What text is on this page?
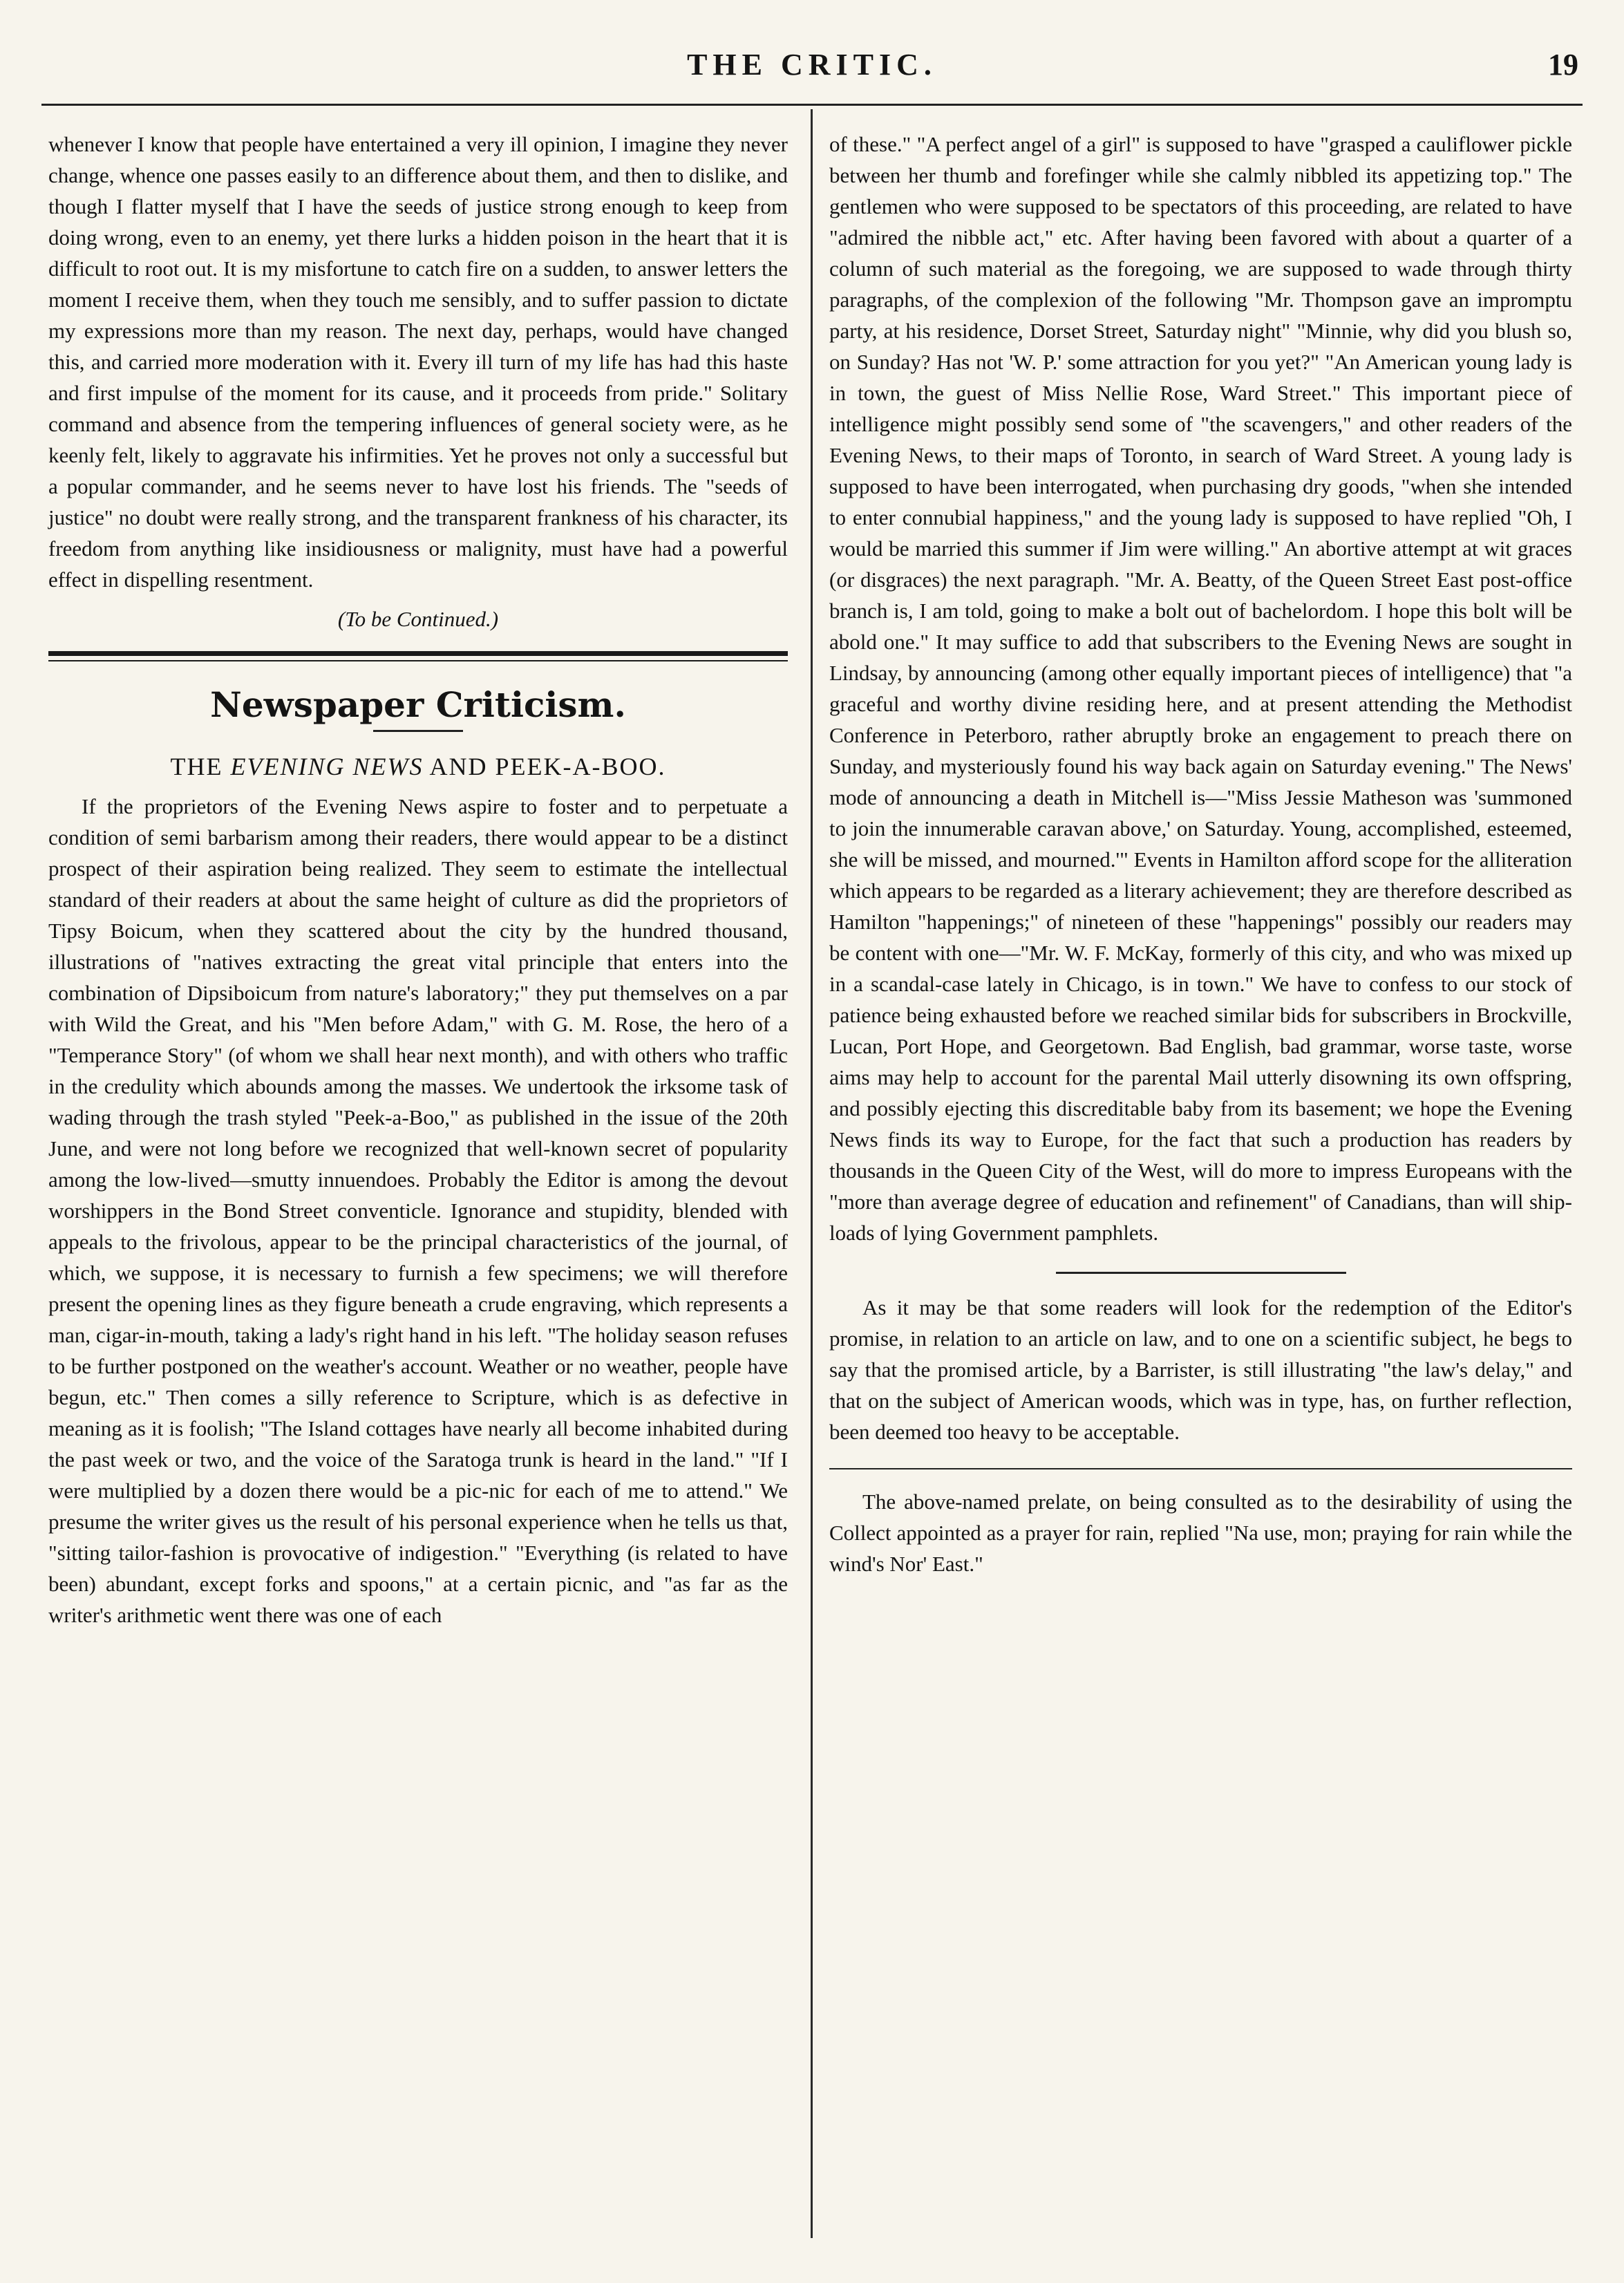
THE CRITIC.	19

whenever I know that people have entertained a very ill opinion, I imagine they never change, whence one passes easily to an difference about them, and then to dislike, and though I flatter myself that I have the seeds of justice strong enough to keep from doing wrong, even to an enemy, yet there lurks a hidden poison in the heart that it is difficult to root out. It is my misfortune to catch fire on a sudden, to answer letters the moment I receive them, when they touch me sensibly, and to suffer passion to dictate my expressions more than my reason. The next day, perhaps, would have changed this, and carried more moderation with it. Every ill turn of my life has had this haste and first impulse of the moment for its cause, and it proceeds from pride." Solitary command and absence from the tempering influences of general society were, as he keenly felt, likely to aggravate his infirmities. Yet he proves not only a successful but a popular commander, and he seems never to have lost his friends. The "seeds of justice" no doubt were really strong, and the transparent frankness of his character, its freedom from anything like insidiousness or malignity, must have had a powerful effect in dispelling resentment.

(To be Continued.)

Newspaper Criticism.
THE EVENING NEWS AND PEEK-A-BOO.

If the proprietors of the Evening News aspire to foster and to perpetuate a condition of semi barbarism among their readers, there would appear to be a distinct prospect of their aspiration being realized. They seem to estimate the intellectual standard of their readers at about the same height of culture as did the proprietors of Tipsy Boicum, when they scattered about the city by the hundred thousand, illustrations of "natives extracting the great vital principle that enters into the combination of Dipsiboicum from nature's laboratory;" they put themselves on a par with Wild the Great, and his "Men before Adam," with G. M. Rose, the hero of a "Temperance Story" (of whom we shall hear next month), and with others who traffic in the credulity which abounds among the masses. We undertook the irksome task of wading through the trash styled "Peek-a-Boo," as published in the issue of the 20th June, and were not long before we recognized that well-known secret of popularity among the low-lived—smutty innuendoes. Probably the Editor is among the devout worshippers in the Bond Street conventicle. Ignorance and stupidity, blended with appeals to the frivolous, appear to be the principal characteristics of the journal, of which, we suppose, it is necessary to furnish a few specimens; we will therefore present the opening lines as they figure beneath a crude engraving, which represents a man, cigar-in-mouth, taking a lady's right hand in his left. "The holiday season refuses to be further postponed on the weather's account. Weather or no weather, people have begun, etc." Then comes a silly reference to Scripture, which is as defective in meaning as it is foolish; "The Island cottages have nearly all become inhabited during the past week or two, and the voice of the Saratoga trunk is heard in the land." "If I were multiplied by a dozen there would be a pic-nic for each of me to attend." We presume the writer gives us the result of his personal experience when he tells us that, "sitting tailor-fashion is provocative of indigestion." "Everything (is related to have been) abundant, except forks and spoons," at a certain picnic, and "as far as the writer's arithmetic went there was one of each

of these." "A perfect angel of a girl" is supposed to have "grasped a cauliflower pickle between her thumb and forefinger while she calmly nibbled its appetizing top." The gentlemen who were supposed to be spectators of this proceeding, are related to have "admired the nibble act," etc. After having been favored with about a quarter of a column of such material as the foregoing, we are supposed to wade through thirty paragraphs, of the complexion of the following "Mr. Thompson gave an impromptu party, at his residence, Dorset Street, Saturday night" "Minnie, why did you blush so, on Sunday? Has not 'W. P.' some attraction for you yet?" "An American young lady is in town, the guest of Miss Nellie Rose, Ward Street." This important piece of intelligence might possibly send some of "the scavengers," and other readers of the Evening News, to their maps of Toronto, in search of Ward Street. A young lady is supposed to have been interrogated, when purchasing dry goods, "when she intended to enter connubial happiness," and the young lady is supposed to have replied "Oh, I would be married this summer if Jim were willing." An abortive attempt at wit graces (or disgraces) the next paragraph. "Mr. A. Beatty, of the Queen Street East post-office branch is, I am told, going to make a bolt out of bachelordom. I hope this bolt will be abold one." It may suffice to add that subscribers to the Evening News are sought in Lindsay, by announcing (among other equally important pieces of intelligence) that "a graceful and worthy divine residing here, and at present attending the Methodist Conference in Peterboro, rather abruptly broke an engagement to preach there on Sunday, and mysteriously found his way back again on Saturday evening." The News' mode of announcing a death in Mitchell is—"Miss Jessie Matheson was 'summoned to join the innumerable caravan above,' on Saturday. Young, accomplished, esteemed, she will be missed, and mourned.'" Events in Hamilton afford scope for the alliteration which appears to be regarded as a literary achievement; they are therefore described as Hamilton "happenings;" of nineteen of these "happenings" possibly our readers may be content with one—"Mr. W. F. McKay, formerly of this city, and who was mixed up in a scandal-case lately in Chicago, is in town." We have to confess to our stock of patience being exhausted before we reached similar bids for subscribers in Brockville, Lucan, Port Hope, and Georgetown. Bad English, bad grammar, worse taste, worse aims may help to account for the parental Mail utterly disowning its own offspring, and possibly ejecting this discreditable baby from its basement; we hope the Evening News finds its way to Europe, for the fact that such a production has readers by thousands in the Queen City of the West, will do more to impress Europeans with the "more than average degree of education and refinement" of Canadians, than will ship-loads of lying Government pamphlets.

As it may be that some readers will look for the redemption of the Editor's promise, in relation to an article on law, and to one on a scientific subject, he begs to say that the promised article, by a Barrister, is still illustrating "the law's delay," and that on the subject of American woods, which was in type, has, on further reflection, been deemed too heavy to be acceptable.

The above-named prelate, on being consulted as to the desirability of using the Collect appointed as a prayer for rain, replied "Na use, mon; praying for rain while the wind's Nor' East."
